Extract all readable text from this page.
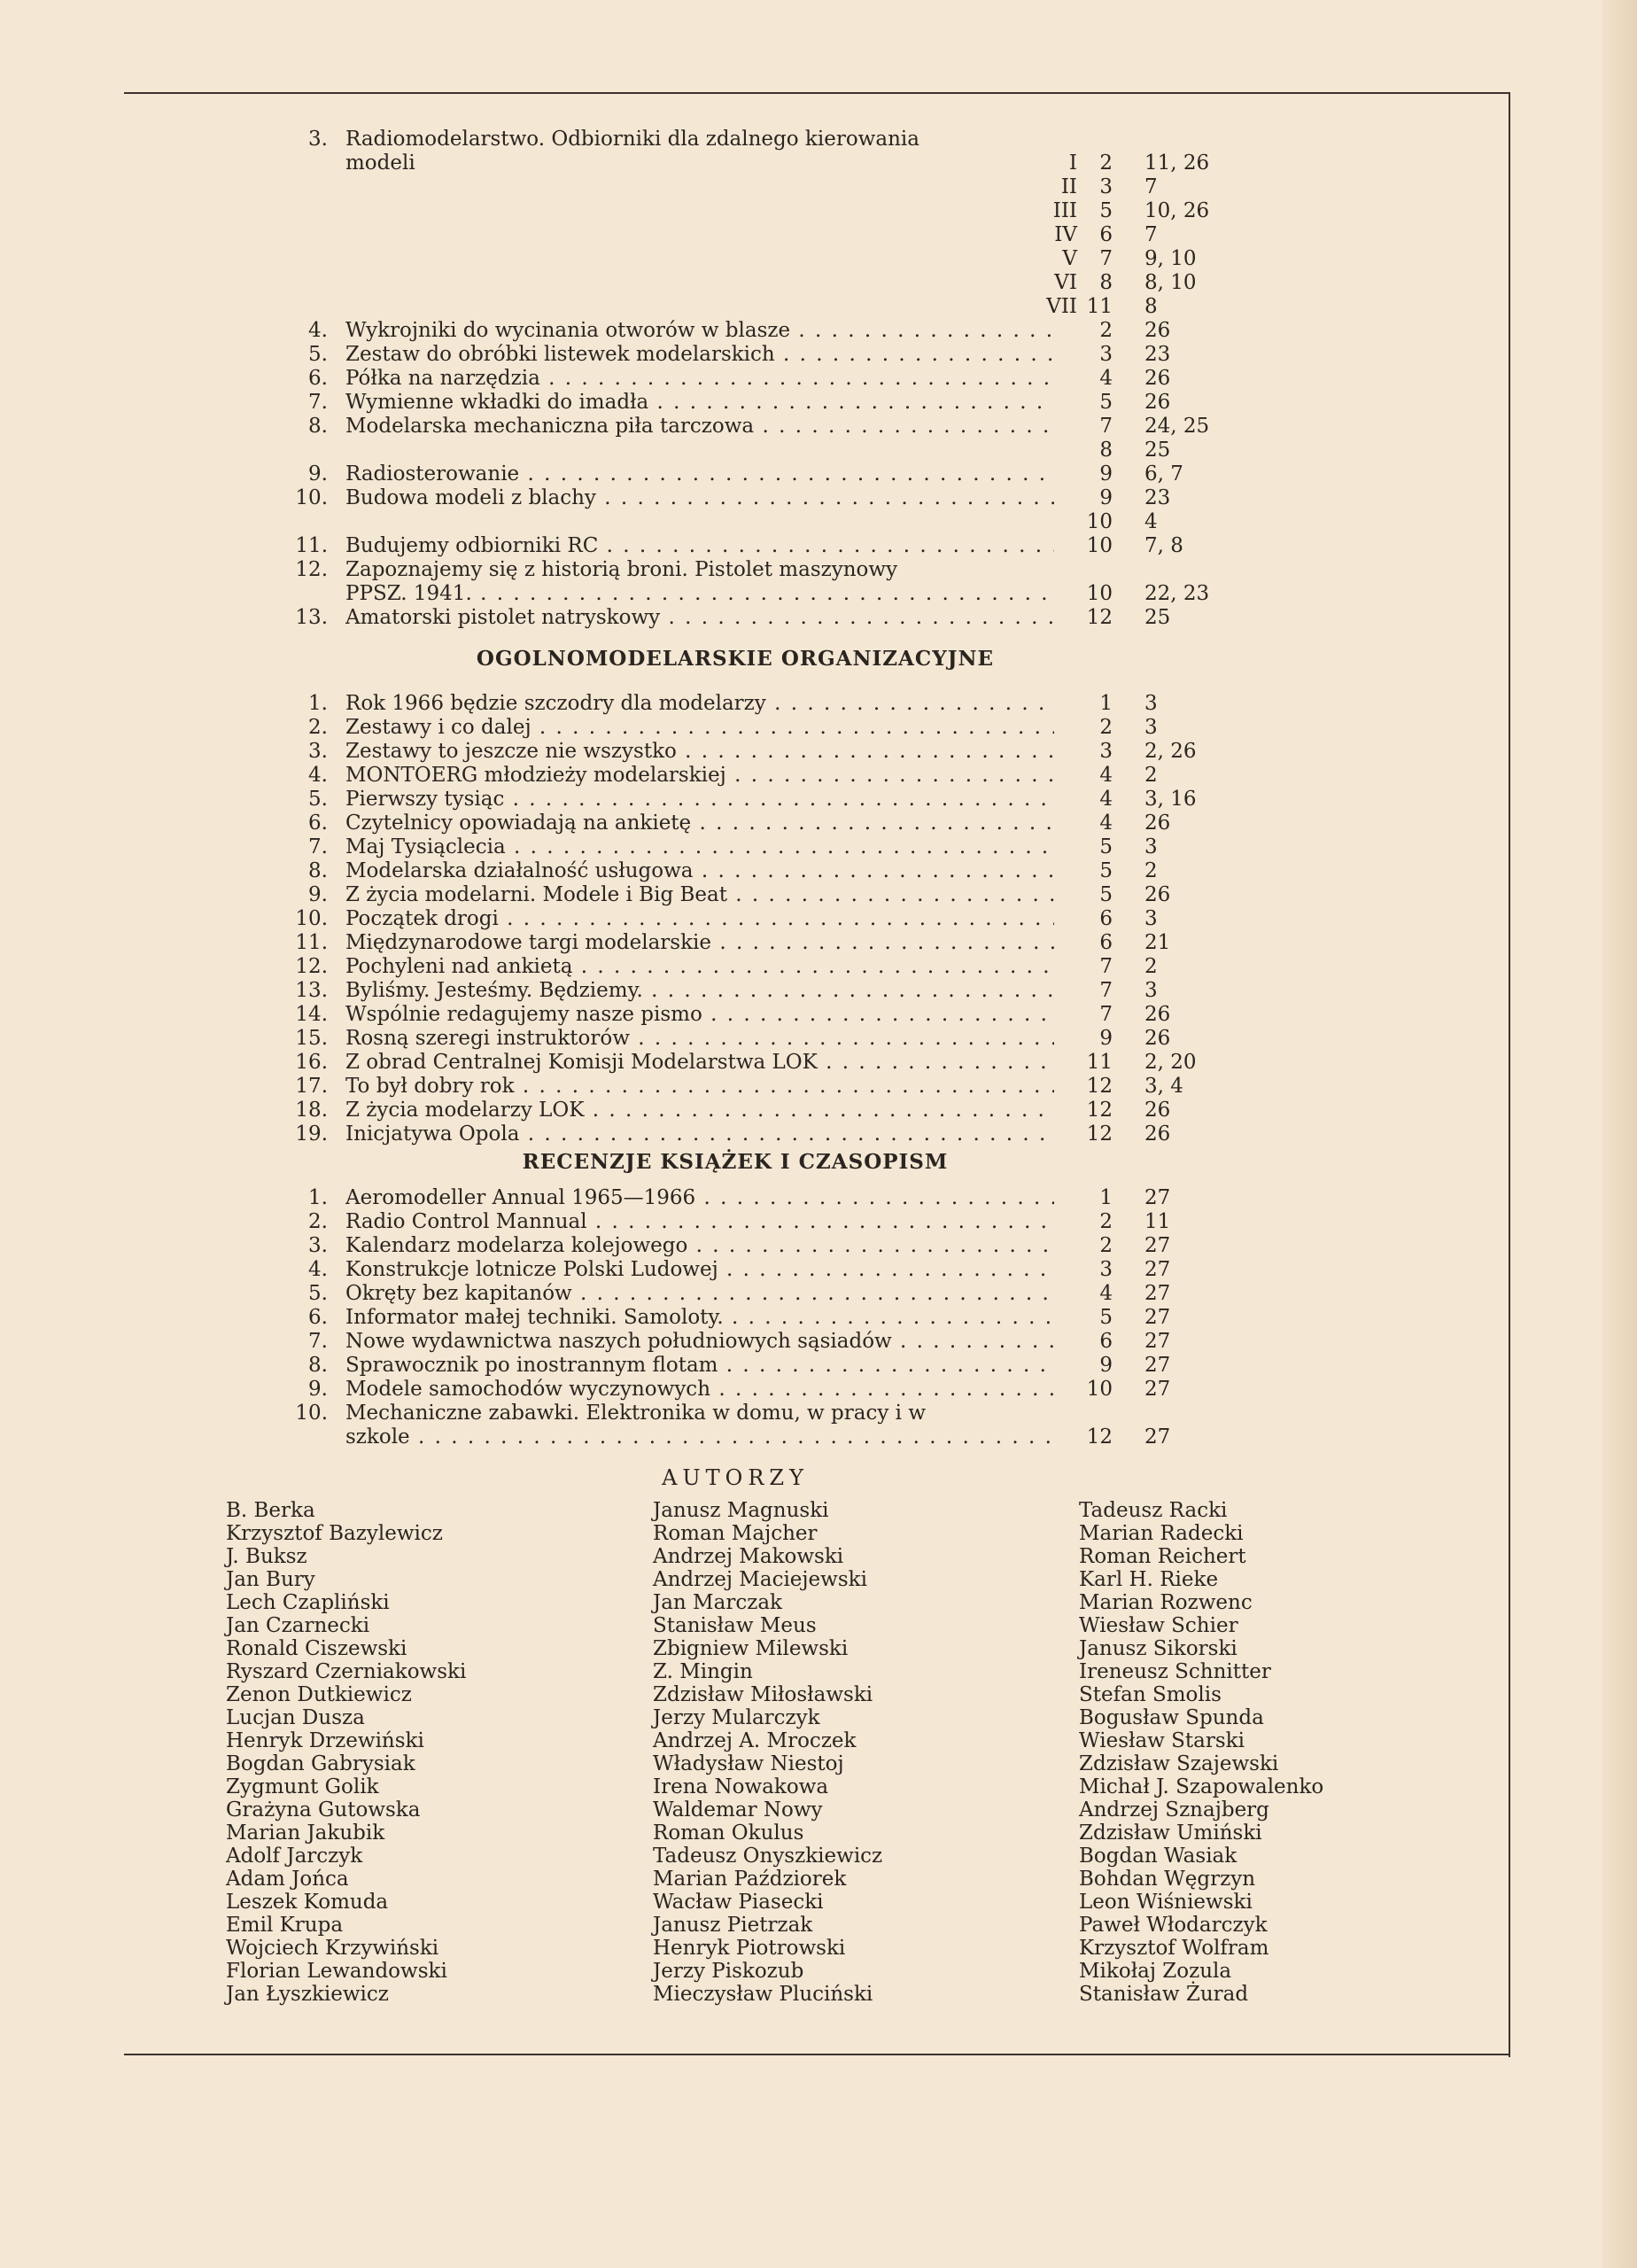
3. Radiomodelarstwo. Odbiorniki dla zdalnego kierowania
modeli	I	2 11, 26
II	3 7
III	5 10, 26
IV	6 7
V	7 9, 10
VI	8 8, 10
VII 11 8
4. Wykrojniki do wycinania otworów w blasze . . .	2 26
5. Zestaw do obróbki listewek modelarskich . . .	3 23
6. Półka na narzędzia . . .	4 26
7. Wymienne wkładki do imadła . . .	5 26
8. Modelarska mechaniczna piła tarczowa . . .	7 24, 25
8 25
9. Radiosterowanie . . .	9 6, 7
10. Budowa modeli z blachy . . .	9 23
10 4
11. Budujemy odbiorniki RC . . .	10 7, 8
12. Zapoznajemy się z historią broni. Pistolet maszynowy
PPSZ. 1941. . . .	10 22, 23
13. Amatorski pistolet natryskowy . . .	12 25
OGOLNOMODELARSKIE ORGANIZACYJNE
1. Rok 1966 będzie szczodry dla modelarzy . . .	1 3
2. Zestawy i co dalej . . .	2 3
3. Zestawy to jeszcze nie wszystko . . .	3 2, 26
4. MONTOERG młodzieży modelarskiej . . .	4 2
5. Pierwszy tysiąc . . .	4 3, 16
6. Czytelnicy opowiadają na ankietę . . .	4 26
7. Maj Tysiąclecia . . .	5 3
8. Modelarska działalność usługowa . . .	5 2
9. Z życia modelarni. Modele i Big Beat . . .	5 26
10. Początek drogi . . .	6 3
11. Międzynarodowe targi modelarskie . . .	6 21
12. Pochyleni nad ankietą . . .	7 2
13. Byliśmy. Jesteśmy. Będziemy. . . .	7 3
14. Wspólnie redagujemy nasze pismo . . .	7 26
15. Rosną szeregi instruktorów . . .	9 26
16. Z obrad Centralnej Komisji Modelarstwa LOK . . .	11 2, 20
17. To był dobry rok . . .	12 3, 4
18. Z życia modelarzy LOK . . .	12 26
19. Inicjatywa Opola . . .	12 26
RECENZJE KSIĄŻEK I CZASOPISM
1. Aeromodeller Annual 1965—1966 . . .	1 27
2. Radio Control Mannual . . .	2 11
3. Kalendarz modelarza kolejowego . . .	2 27
4. Konstrukcje lotnicze Polski Ludowej . . .	3 27
5. Okręty bez kapitanów . . .	4 27
6. Informator małej techniki. Samoloty. . . .	5 27
7. Nowe wydawnictwa naszych południowych sąsiadów . . .	6 27
8. Sprawocznik po inostrannym flotam . . .	9 27
9. Modele samochodów wyczynowych . . .	10 27
10. Mechaniczne zabawki. Elektronika w domu, w pracy i w
szkole . . .	12 27
AUTORZY
B. Berka
Krzysztof Bazylewicz
J. Buksz
Jan Bury
Lech Czapliński
Jan Czarnecki
Ronald Ciszewski
Ryszard Czerniakowski
Zenon Dutkiewicz
Lucjan Dusza
Henryk Drzewiński
Bogdan Gabrysiak
Zygmunt Golik
Grażyna Gutowska
Marian Jakubik
Adolf Jarczyk
Adam Jońca
Leszek Komuda
Emil Krupa
Wojciech Krzywiński
Florian Lewandowski
Jan Łyszkiewicz
Janusz Magnuski
Roman Majcher
Andrzej Makowski
Andrzej Maciejewski
Jan Marczak
Stanisław Meus
Zbigniew Milewski
Z. Mingin
Zdzisław Miłosławski
Jerzy Mularczyk
Andrzej A. Mroczek
Władysław Niestoj
Irena Nowakowa
Waldemar Nowy
Roman Okulus
Tadeusz Onyszkiewicz
Marian Paździorek
Wacław Piasecki
Janusz Pietrzak
Henryk Piotrowski
Jerzy Piskozub
Mieczysław Pluciński
Tadeusz Racki
Marian Radecki
Roman Reichert
Karl H. Rieke
Marian Rozwenc
Wiesław Schier
Janusz Sikorski
Ireneusz Schnitter
Stefan Smolis
Bogusław Spunda
Wiesław Starski
Zdzisław Szajewski
Michał J. Szapowalenko
Andrzej Sznajberg
Zdzisław Umiński
Bogdan Wasiak
Bohdan Węgrzyn
Leon Wiśniewski
Paweł Włodarczyk
Krzysztof Wolfram
Mikołaj Zozula
Stanisław Żurad
